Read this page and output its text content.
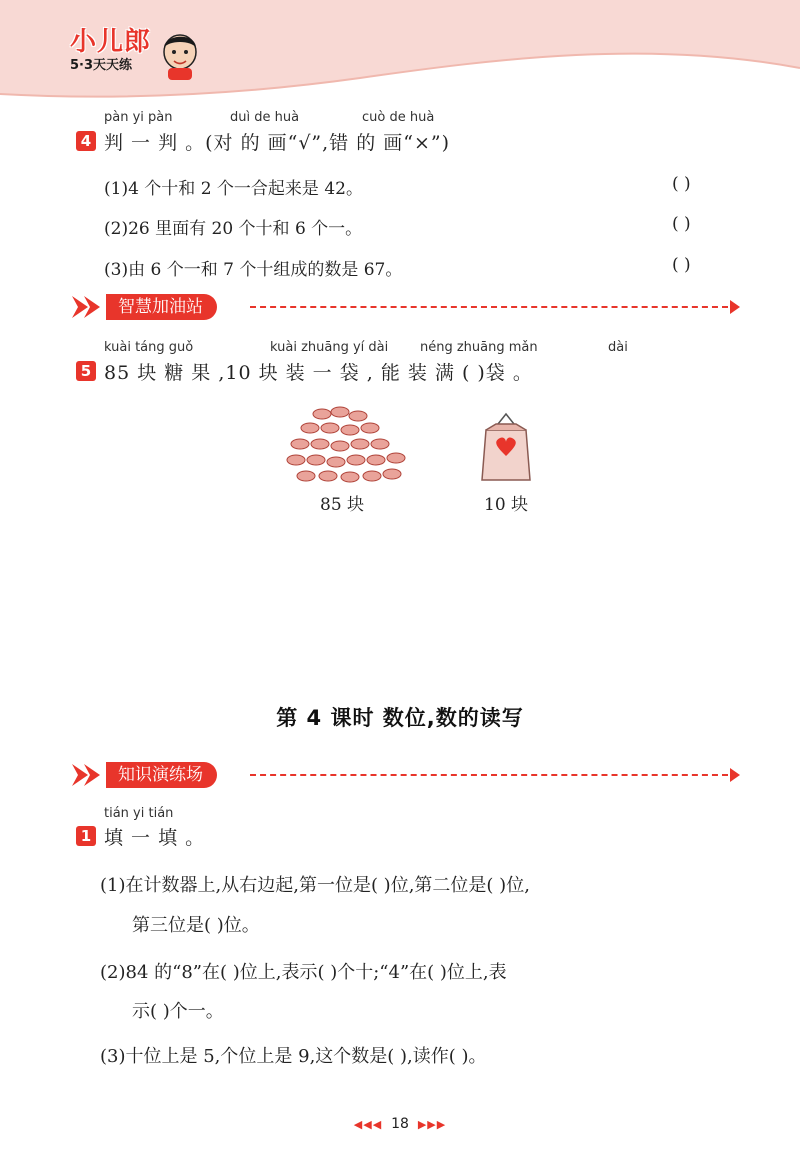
小儿郎
5·3天天练
pàn yi pàn	duì de huà	cuò de huà
4 判 一 判 。(对 的 画“√”,错 的 画“×”)
(1)4 个十和 2 个一合起来是 42。	( )
(2)26 里面有 20 个十和 6 个一。	( )
(3)由 6 个一和 7 个十组成的数是 67。	( )
智慧加油站
kuài táng guǒ	kuài zhuāng yí dài néng zhuāng mǎn	dài
5 85 块 糖 果 ,10 块 装 一 袋 , 能 装 满 ( )袋 。
85 块	10 块
第 4 课时 数位,数的读写
知识演练场
tián yi tián
1 填 一 填 。
(1)在计数器上,从右边起,第一位是( )位,第二位是( )位,
第三位是( )位。
(2)84 的“8”在( )位上,表示( )个十;“4”在( )位上,表
示( )个一。
(3)十位上是 5,个位上是 9,这个数是( ),读作( )。
◀◀◀ 18 ▶▶▶
